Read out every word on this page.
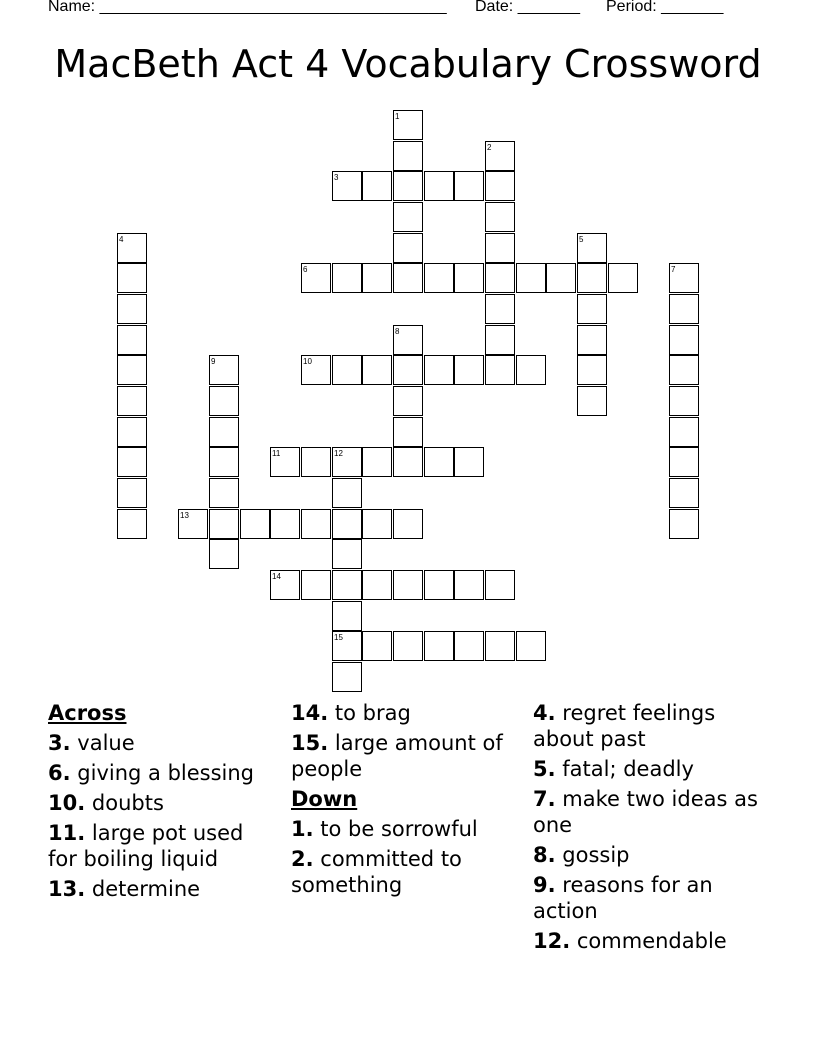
Name: _______________________________________

Date: _______

Period: _______

MacBeth Act 4 Vocabulary Crossword
1
2
3
4	5
6	7
8
9	10
11	12
13
14
15
Across
3. value
6. giving a blessing
10. doubts
11. large pot used for boiling liquid
13. determine
14. to brag
15. large amount of people
Down
1. to be sorrowful
2. committed to something
4. regret feelings about past
5. fatal; deadly
7. make two ideas as one
8. gossip
9. reasons for an action
12. commendable
